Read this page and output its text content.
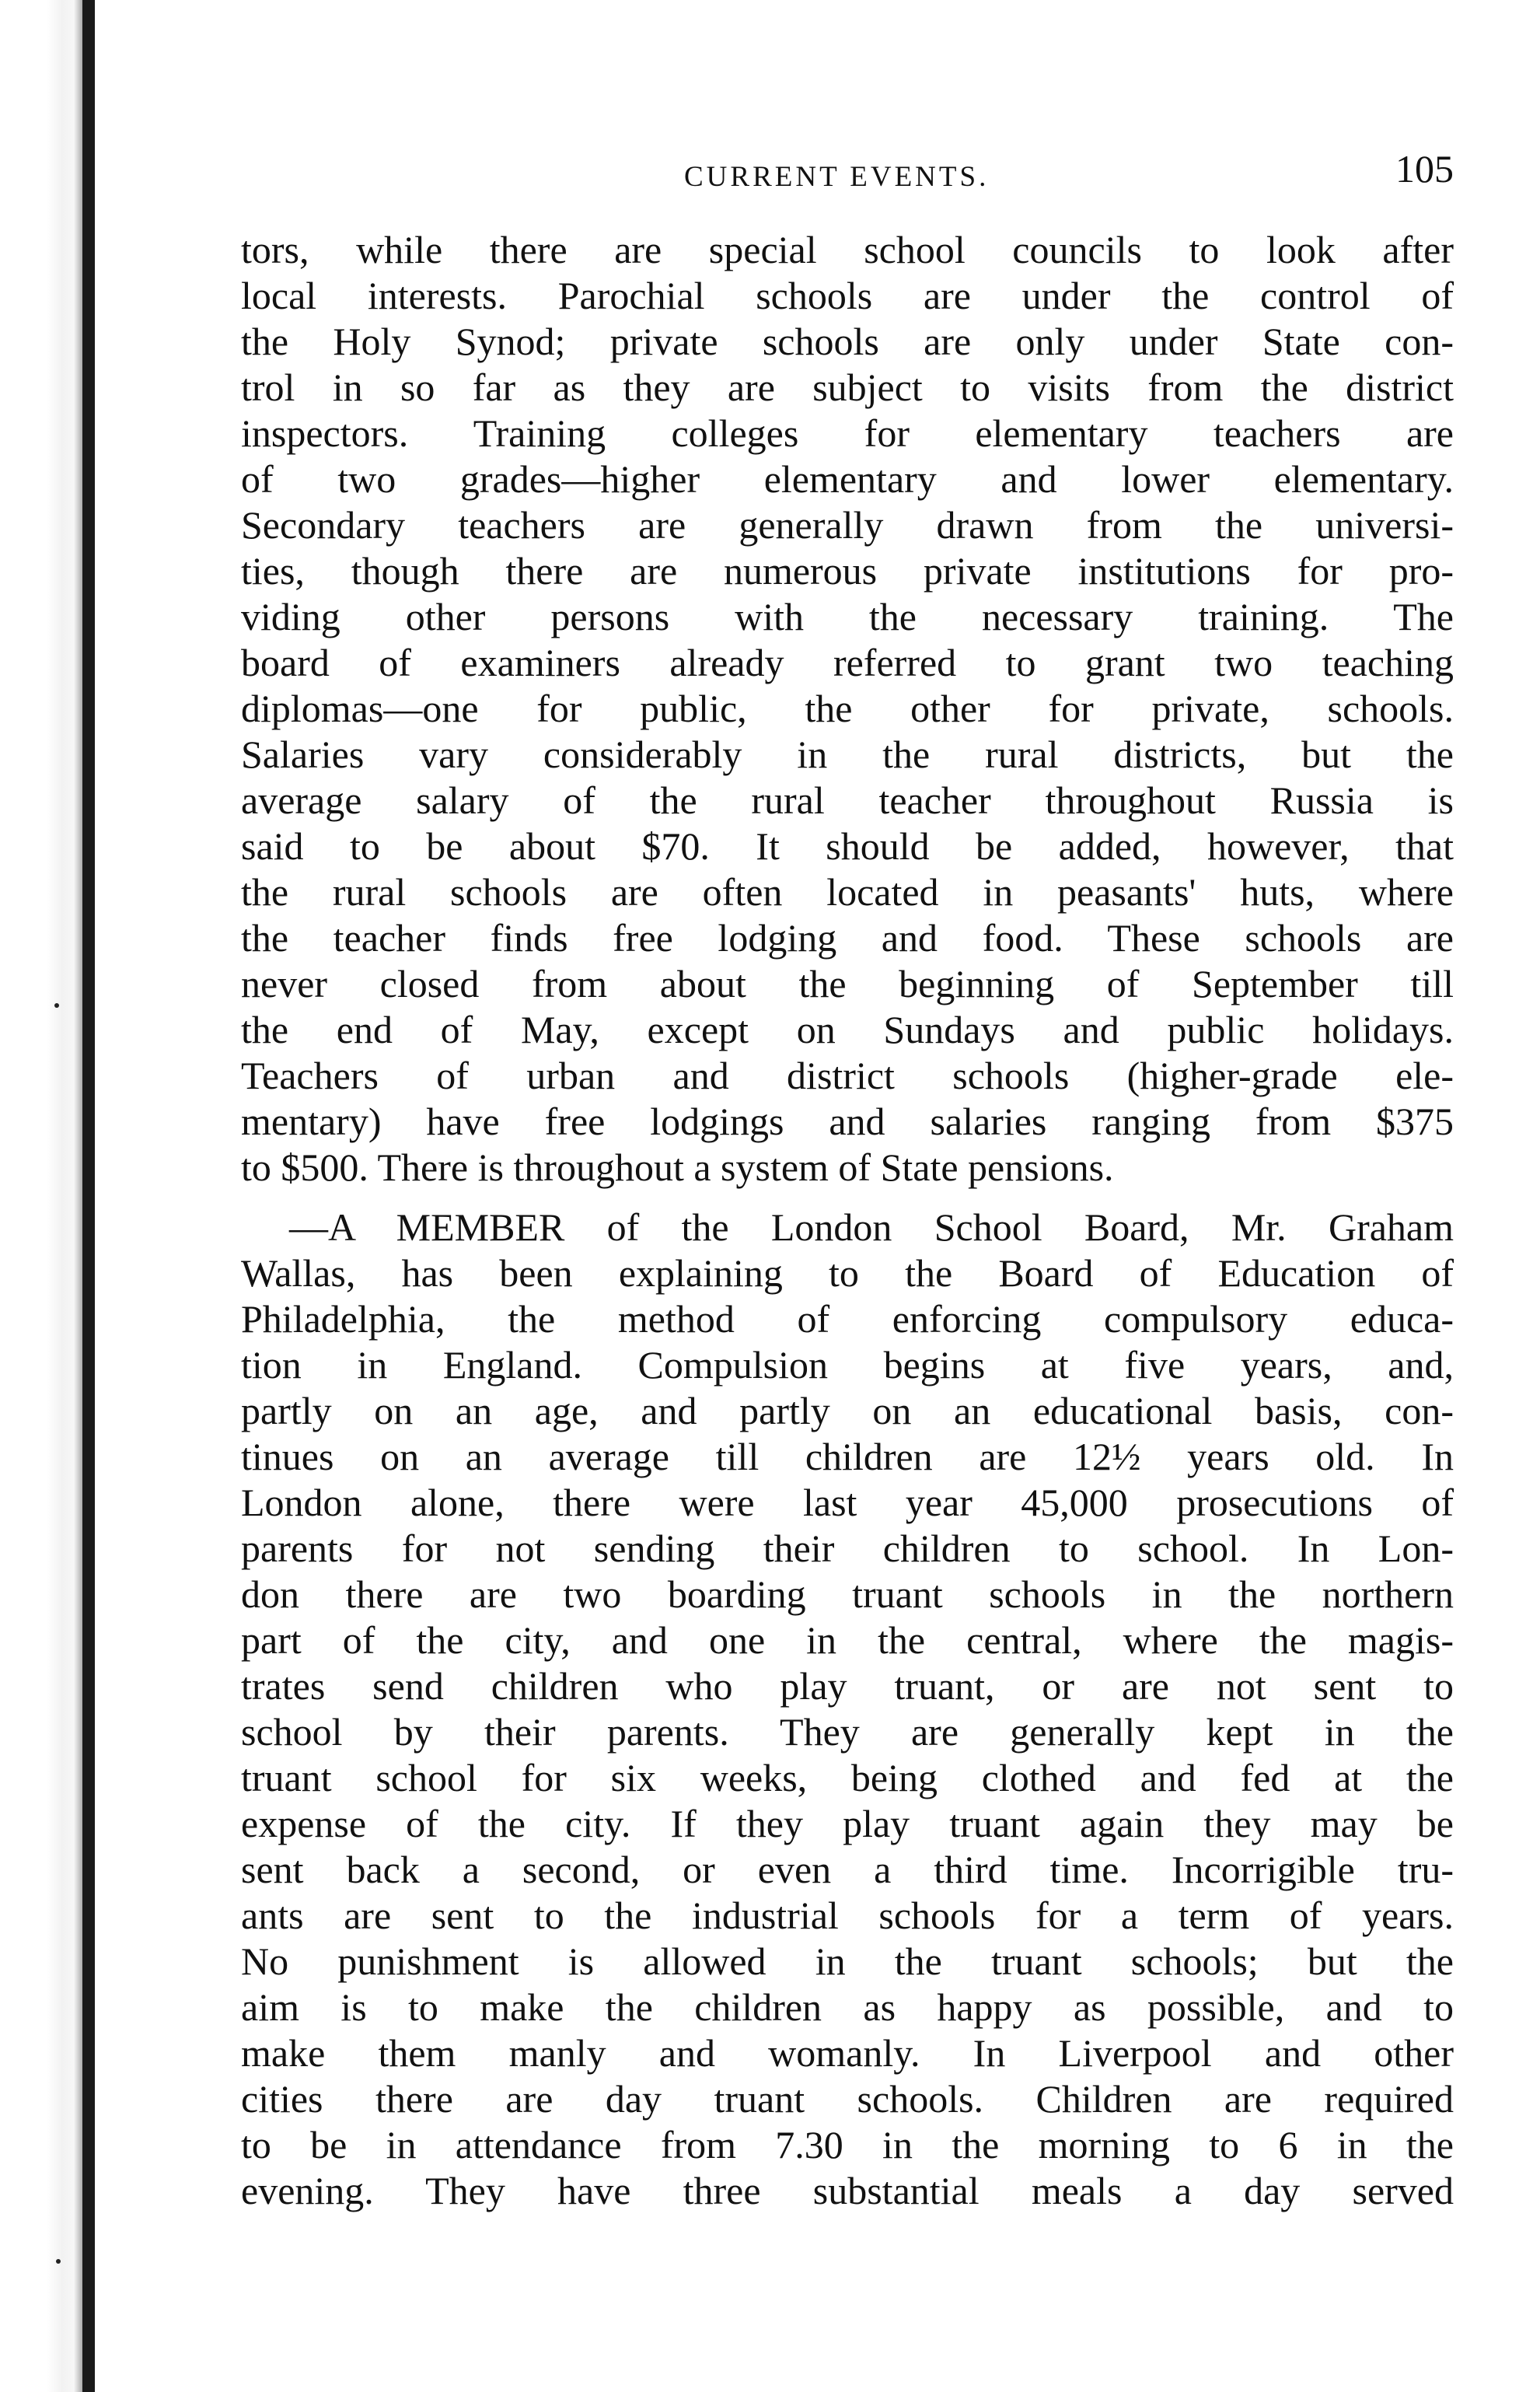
CURRENT EVENTS.	105
tors, while there are special school councils to look after
local interests. Parochial schools are under the control of
the Holy Synod; private schools are only under State con-
trol in so far as they are subject to visits from the district
inspectors. Training colleges for elementary teachers are
of two grades—higher elementary and lower elementary.
Secondary teachers are generally drawn from the universi-
ties, though there are numerous private institutions for pro-
viding other persons with the necessary training. The
board of examiners already referred to grant two teaching
diplomas—one for public, the other for private, schools.
Salaries vary considerably in the rural districts, but the
average salary of the rural teacher throughout Russia is
said to be about $70. It should be added, however, that
the rural schools are often located in peasants' huts, where
the teacher finds free lodging and food. These schools are
never closed from about the beginning of September till
the end of May, except on Sundays and public holidays.
Teachers of urban and district schools (higher-grade ele-
mentary) have free lodgings and salaries ranging from $375
to $500. There is throughout a system of State pensions.
—A MEMBER of the London School Board, Mr. Graham
Wallas, has been explaining to the Board of Education of
Philadelphia, the method of enforcing compulsory educa-
tion in England. Compulsion begins at five years, and,
partly on an age, and partly on an educational basis, con-
tinues on an average till children are 12½ years old. In
London alone, there were last year 45,000 prosecutions of
parents for not sending their children to school. In Lon-
don there are two boarding truant schools in the northern
part of the city, and one in the central, where the magis-
trates send children who play truant, or are not sent to
school by their parents. They are generally kept in the
truant school for six weeks, being clothed and fed at the
expense of the city. If they play truant again they may be
sent back a second, or even a third time. Incorrigible tru-
ants are sent to the industrial schools for a term of years.
No punishment is allowed in the truant schools; but the
aim is to make the children as happy as possible, and to
make them manly and womanly. In Liverpool and other
cities there are day truant schools. Children are required
to be in attendance from 7.30 in the morning to 6 in the
evening. They have three substantial meals a day served
